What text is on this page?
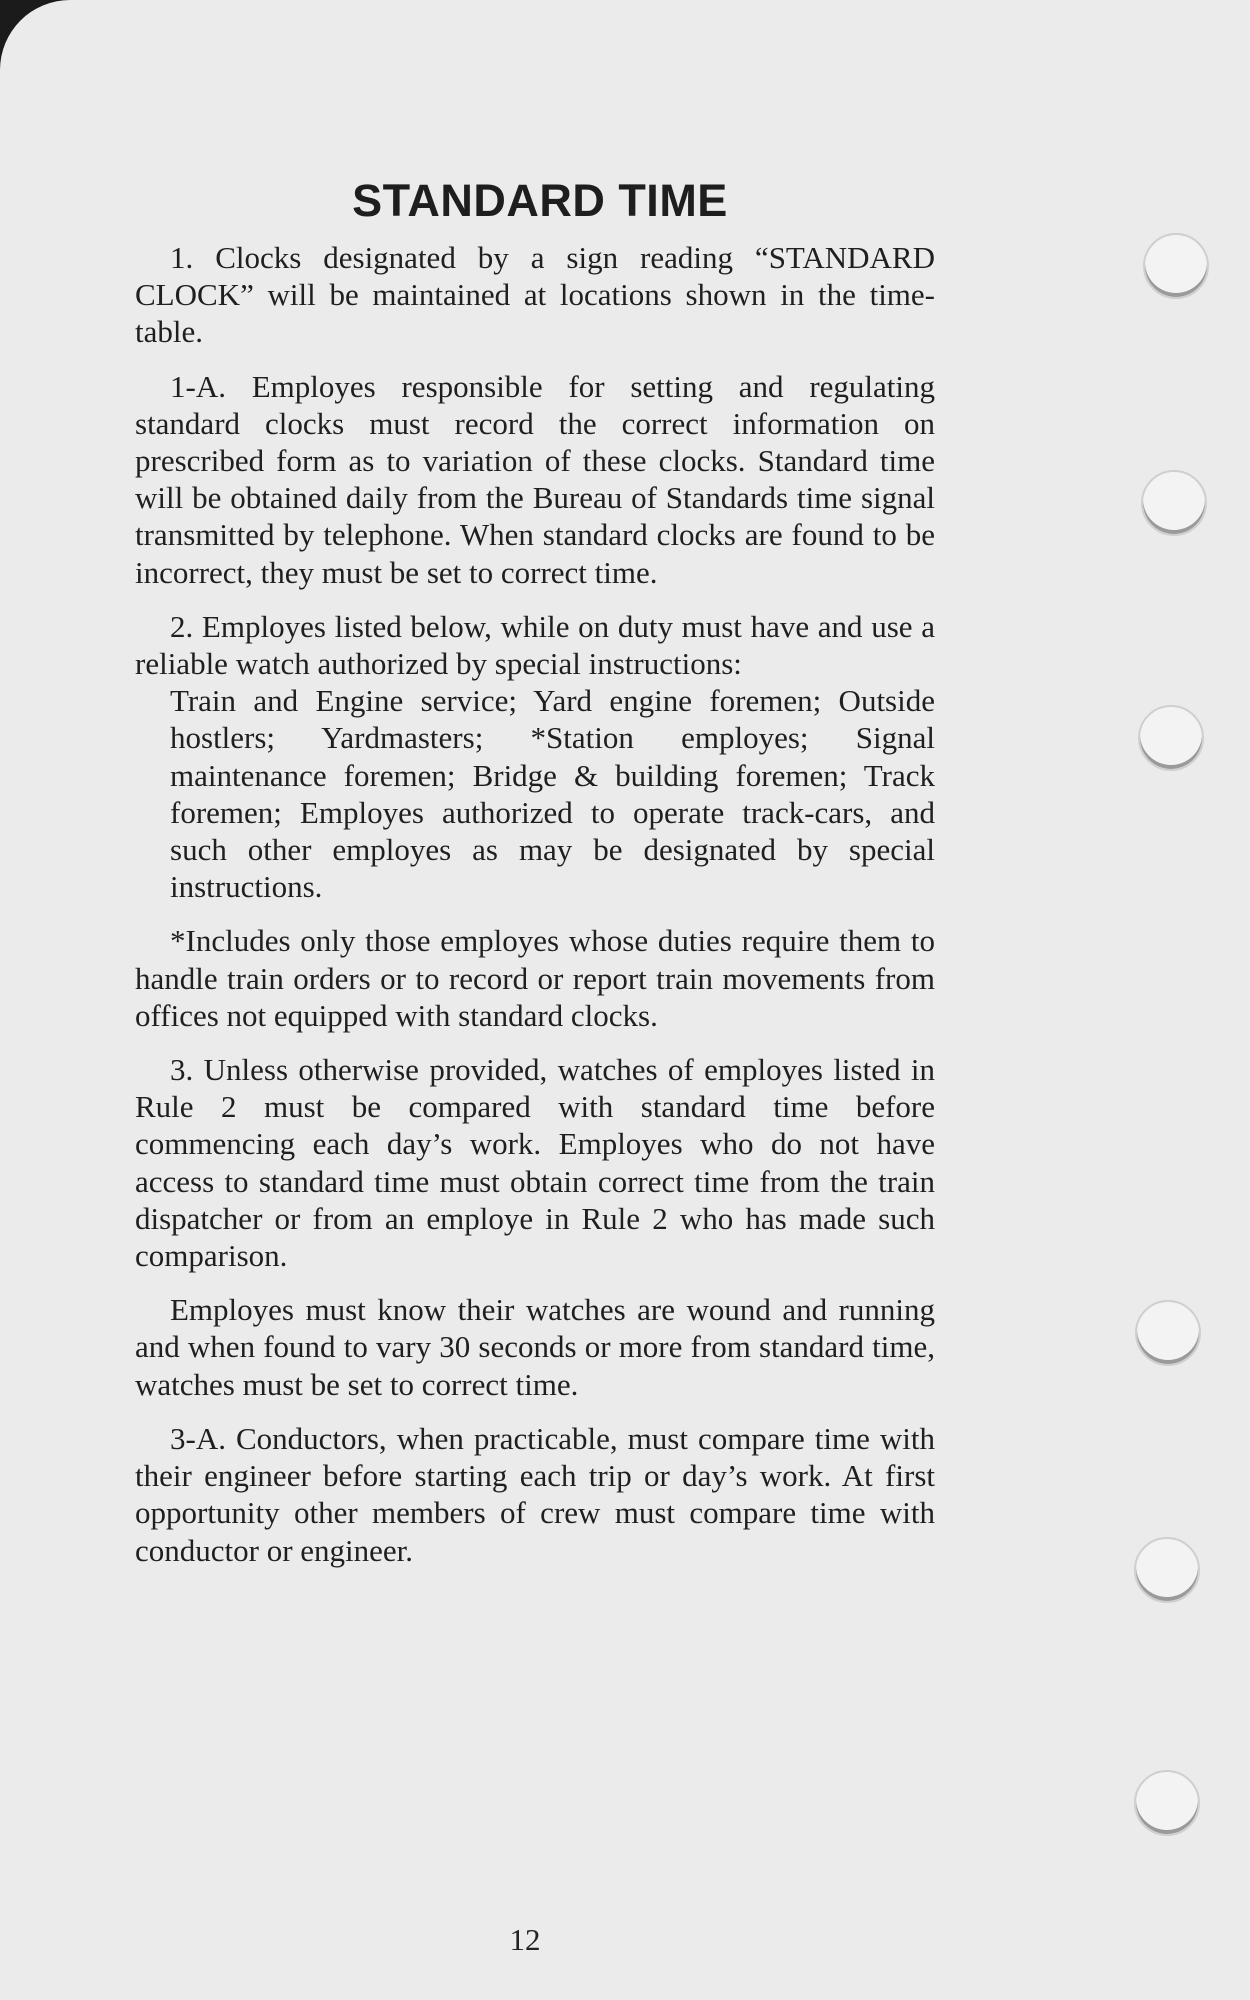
STANDARD TIME

1. Clocks designated by a sign reading “STANDARD CLOCK” will be maintained at locations shown in the time-table.

1-A. Employes responsible for setting and regulating standard clocks must record the correct information on prescribed form as to variation of these clocks. Standard time will be obtained daily from the Bureau of Standards time signal transmitted by telephone. When standard clocks are found to be incorrect, they must be set to correct time.

2. Employes listed below, while on duty must have and use a reliable watch authorized by special instructions:

Train and Engine service; Yard engine foremen; Outside hostlers; Yardmasters; *Station employes; Signal maintenance foremen; Bridge & building foremen; Track foremen; Employes authorized to operate track-cars, and such other employes as may be designated by special instructions.

*Includes only those employes whose duties require them to handle train orders or to record or report train movements from offices not equipped with standard clocks.

3. Unless otherwise provided, watches of employes listed in Rule 2 must be compared with standard time before commencing each day’s work. Employes who do not have access to standard time must obtain correct time from the train dispatcher or from an employe in Rule 2 who has made such comparison.

Employes must know their watches are wound and running and when found to vary 30 seconds or more from standard time, watches must be set to correct time.

3-A. Conductors, when practicable, must compare time with their engineer before starting each trip or day’s work. At first opportunity other members of crew must compare time with conductor or engineer.

12
